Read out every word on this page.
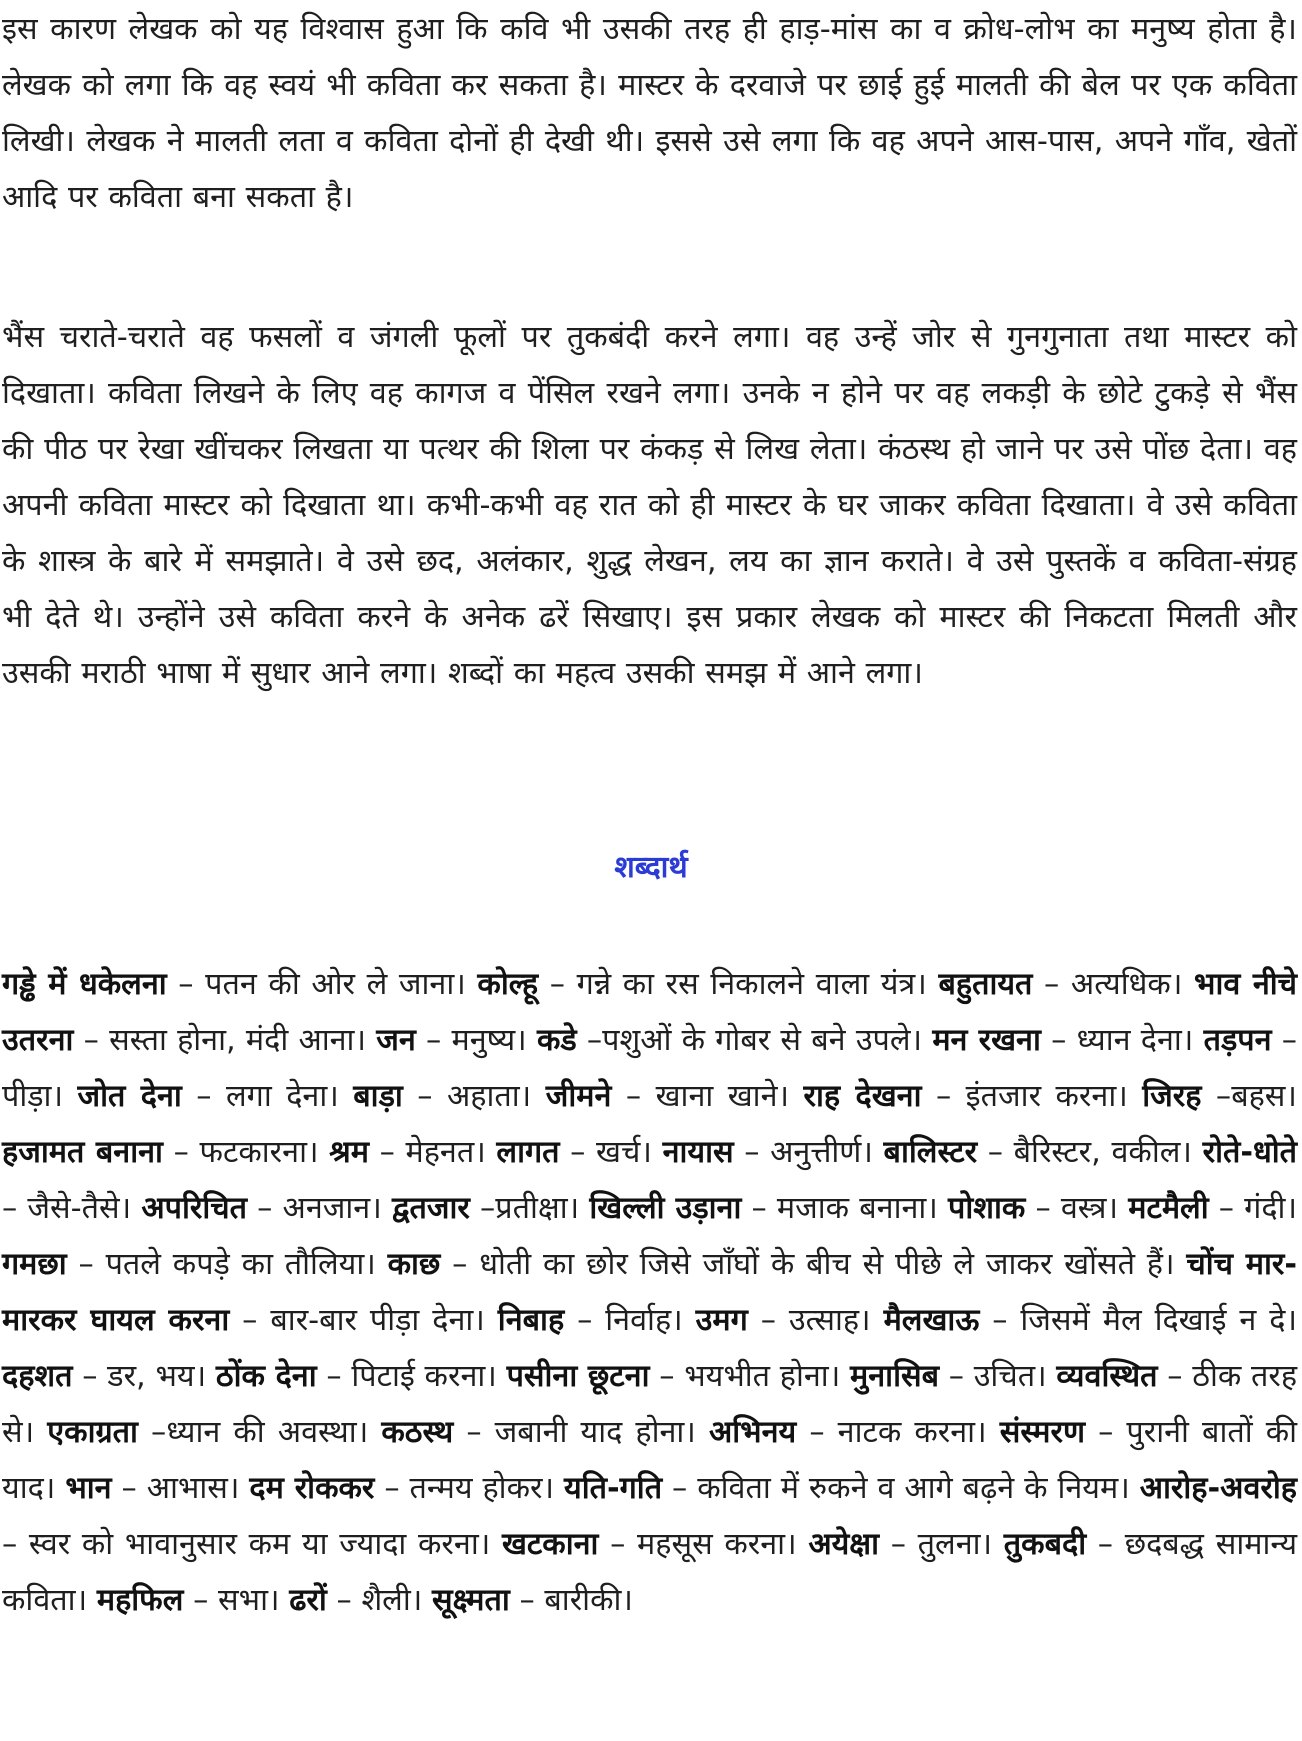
इस कारण लेखक को यह विश्वास हुआ कि कवि भी उसकी तरह ही हाड़-मांस का व क्रोध-लोभ का मनुष्य होता है। लेखक को लगा कि वह स्वयं भी कविता कर सकता है। मास्टर के दरवाजे पर छाई हुई मालती की बेल पर एक कविता लिखी। लेखक ने मालती लता व कविता दोनों ही देखी थी। इससे उसे लगा कि वह अपने आस-पास, अपने गाँव, खेतों आदि पर कविता बना सकता है।

भैंस चराते-चराते वह फसलों व जंगली फूलों पर तुकबंदी करने लगा। वह उन्हें जोर से गुनगुनाता तथा मास्टर को दिखाता। कविता लिखने के लिए वह कागज व पेंसिल रखने लगा। उनके न होने पर वह लकड़ी के छोटे टुकड़े से भैंस की पीठ पर रेखा खींचकर लिखता या पत्थर की शिला पर कंकड़ से लिख लेता। कंठस्थ हो जाने पर उसे पोंछ देता। वह अपनी कविता मास्टर को दिखाता था। कभी-कभी वह रात को ही मास्टर के घर जाकर कविता दिखाता। वे उसे कविता के शास्त्र के बारे में समझाते। वे उसे छद, अलंकार, शुद्ध लेखन, लय का ज्ञान कराते। वे उसे पुस्तकें व कविता-संग्रह भी देते थे। उन्होंने उसे कविता करने के अनेक ढरें सिखाए। इस प्रकार लेखक को मास्टर की निकटता मिलती और उसकी मराठी भाषा में सुधार आने लगा। शब्दों का महत्व उसकी समझ में आने लगा।

शब्दार्थ

गड्ढे में धकेलना – पतन की ओर ले जाना। कोल्हू – गन्ने का रस निकालने वाला यंत्र। बहुतायत – अत्यधिक। भाव नीचे उतरना – सस्ता होना, मंदी आना। जन – मनुष्य। कडे –पशुओं के गोबर से बने उपले। मन रखना – ध्यान देना। तड़पन –पीड़ा। जोत देना – लगा देना। बाड़ा – अहाता। जीमने – खाना खाने। राह देखना – इंतजार करना। जिरह –बहस। हजामत बनाना – फटकारना। श्रम – मेहनत। लागत – खर्च। नायास – अनुत्तीर्ण। बालिस्टर – बैरिस्टर, वकील। रोते-धोते – जैसे-तैसे। अपरिचित – अनजान। द्वतजार –प्रतीक्षा। खिल्ली उड़ाना – मजाक बनाना। पोशाक – वस्त्र। मटमैली – गंदी। गमछा – पतले कपड़े का तौलिया। काछ – धोती का छोर जिसे जाँघों के बीच से पीछे ले जाकर खोंसते हैं। चोंच मार-मारकर घायल करना – बार-बार पीड़ा देना। निबाह – निर्वाह। उमग – उत्साह। मैलखाऊ – जिसमें मैल दिखाई न दे। दहशत – डर, भय। ठोंक देना – पिटाई करना। पसीना छूटना – भयभीत होना। मुनासिब – उचित। व्यवस्थित – ठीक तरह से। एकाग्रता –ध्यान की अवस्था। कठस्थ – जबानी याद होना। अभिनय – नाटक करना। संस्मरण – पुरानी बातों की याद। भान – आभास। दम रोककर – तन्मय होकर। यति-गति – कविता में रुकने व आगे बढ़ने के नियम। आरोह-अवरोह – स्वर को भावानुसार कम या ज्यादा करना। खटकाना – महसूस करना। अयेक्षा – तुलना। तुकबदी – छदबद्ध सामान्य कविता। महफिल – सभा। ढरों – शैली। सूक्ष्मता – बारीकी।
